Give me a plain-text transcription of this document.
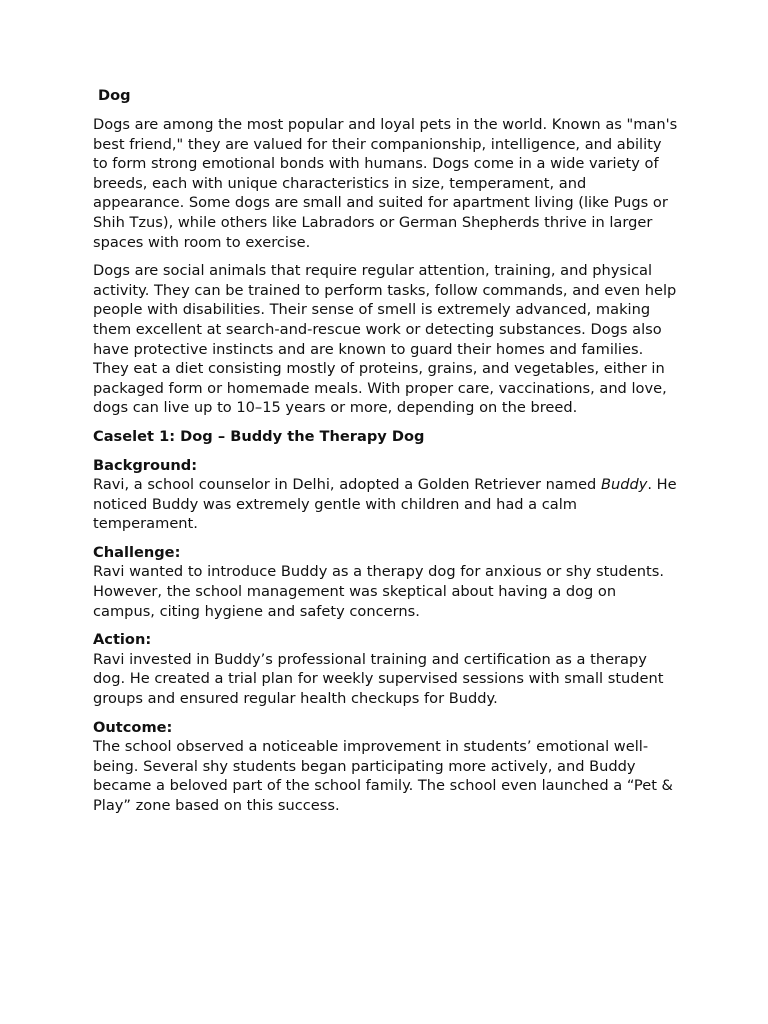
Dog

Dogs are among the most popular and loyal pets in the world. Known as "man's best friend," they are valued for their companionship, intelligence, and ability to form strong emotional bonds with humans. Dogs come in a wide variety of breeds, each with unique characteristics in size, temperament, and appearance. Some dogs are small and suited for apartment living (like Pugs or Shih Tzus), while others like Labradors or German Shepherds thrive in larger spaces with room to exercise.

Dogs are social animals that require regular attention, training, and physical activity. They can be trained to perform tasks, follow commands, and even help people with disabilities. Their sense of smell is extremely advanced, making them excellent at search-and-rescue work or detecting substances. Dogs also have protective instincts and are known to guard their homes and families. They eat a diet consisting mostly of proteins, grains, and vegetables, either in packaged form or homemade meals. With proper care, vaccinations, and love, dogs can live up to 10–15 years or more, depending on the breed.

Caselet 1: Dog – Buddy the Therapy Dog
Background:
Ravi, a school counselor in Delhi, adopted a Golden Retriever named Buddy. He noticed Buddy was extremely gentle with children and had a calm temperament.
Challenge:
Ravi wanted to introduce Buddy as a therapy dog for anxious or shy students. However, the school management was skeptical about having a dog on campus, citing hygiene and safety concerns.
Action:
Ravi invested in Buddy’s professional training and certification as a therapy dog. He created a trial plan for weekly supervised sessions with small student groups and ensured regular health checkups for Buddy.
Outcome:
The school observed a noticeable improvement in students’ emotional well-being. Several shy students began participating more actively, and Buddy became a beloved part of the school family. The school even launched a “Pet & Play” zone based on this success.
